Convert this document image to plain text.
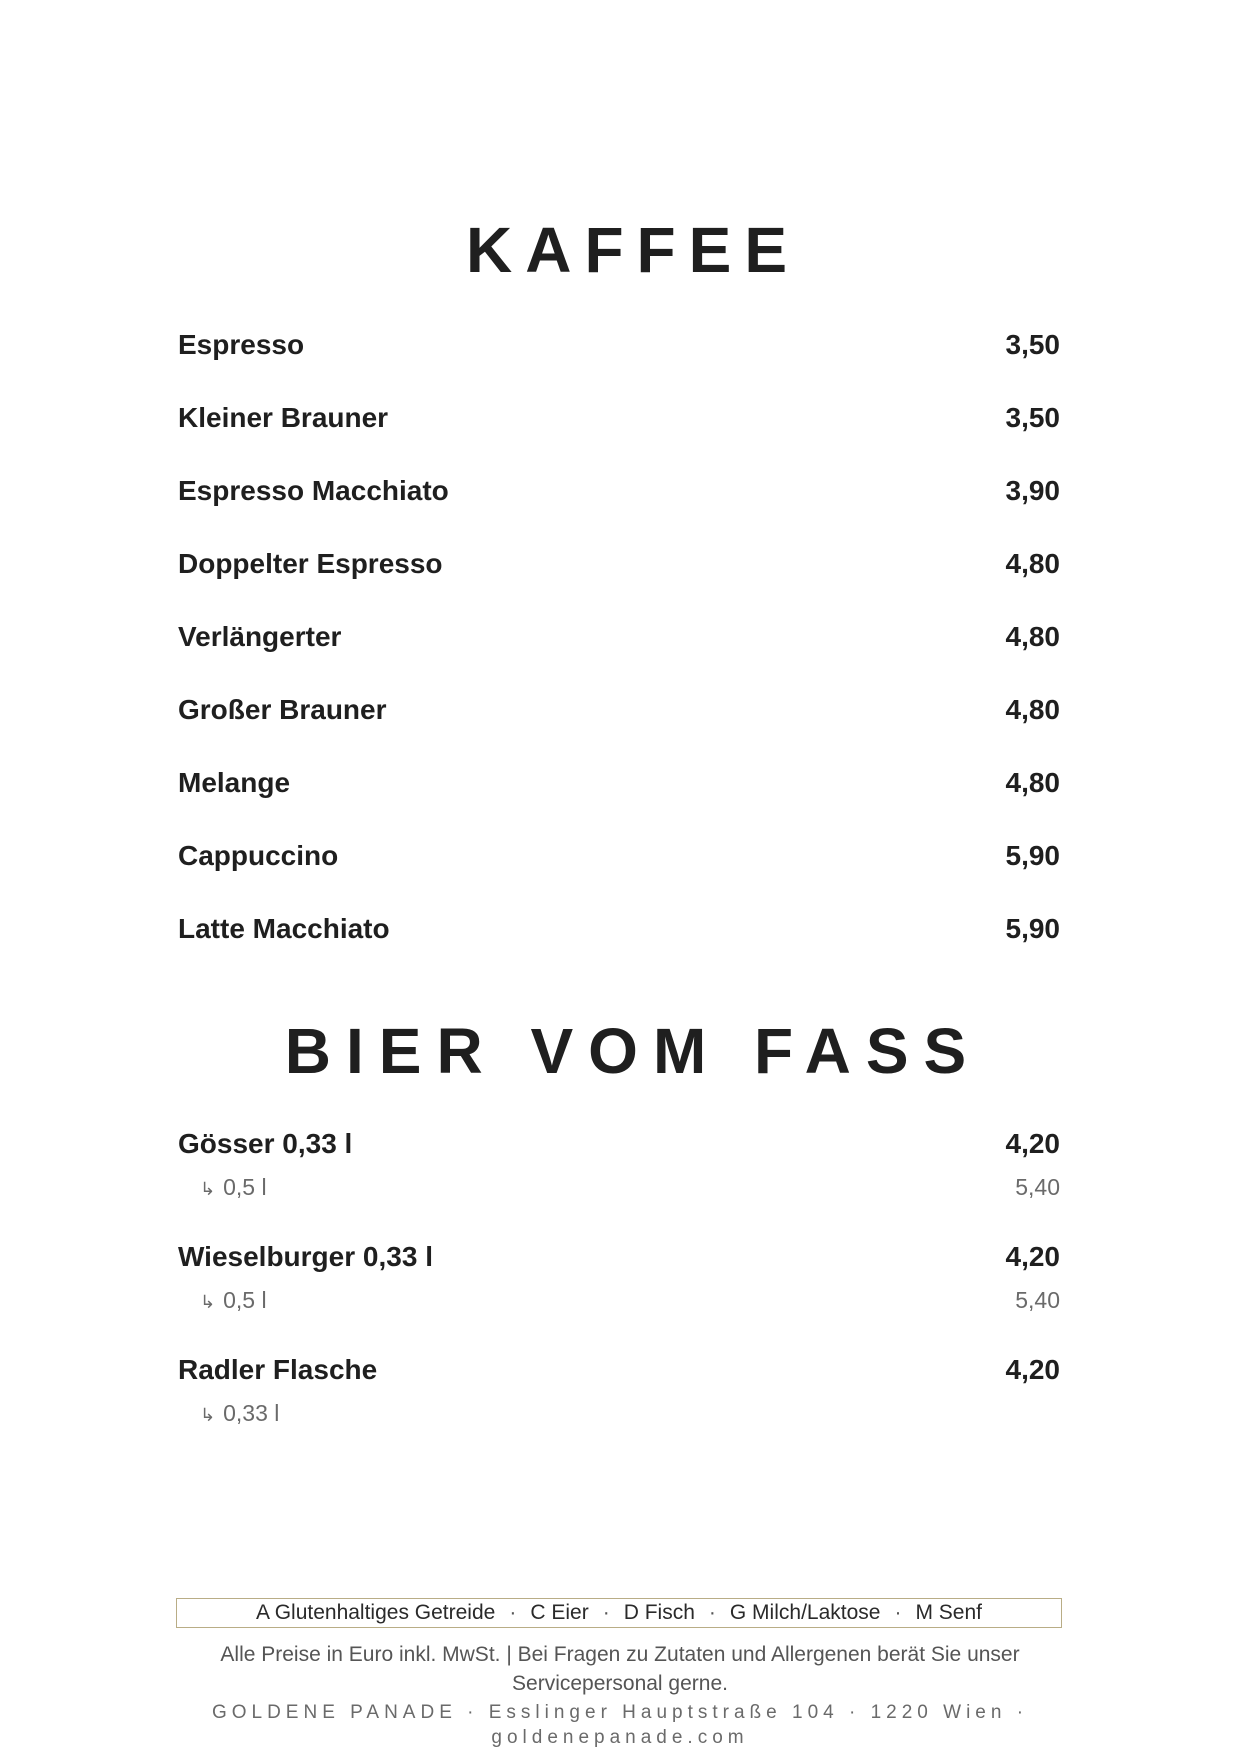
KAFFEE
Espresso	3,50
Kleiner Brauner	3,50
Espresso Macchiato	3,90
Doppelter Espresso	4,80
Verlängerter	4,80
Großer Brauner	4,80
Melange	4,80
Cappuccino	5,90
Latte Macchiato	5,90
BIER VOM FASS
Gösser 0,33 l	4,20
↳ 0,5 l	5,40
Wieselburger 0,33 l	4,20
↳ 0,5 l	5,40
Radler Flasche	4,20
↳ 0,33 l
A Glutenhaltiges Getreide · C Eier · D Fisch · G Milch/Laktose · M Senf
Alle Preise in Euro inkl. MwSt. | Bei Fragen zu Zutaten und Allergenen berät Sie unser Servicepersonal gerne.
GOLDENE PANADE · Esslinger Hauptstraße 104 · 1220 Wien · goldenepanade.com
